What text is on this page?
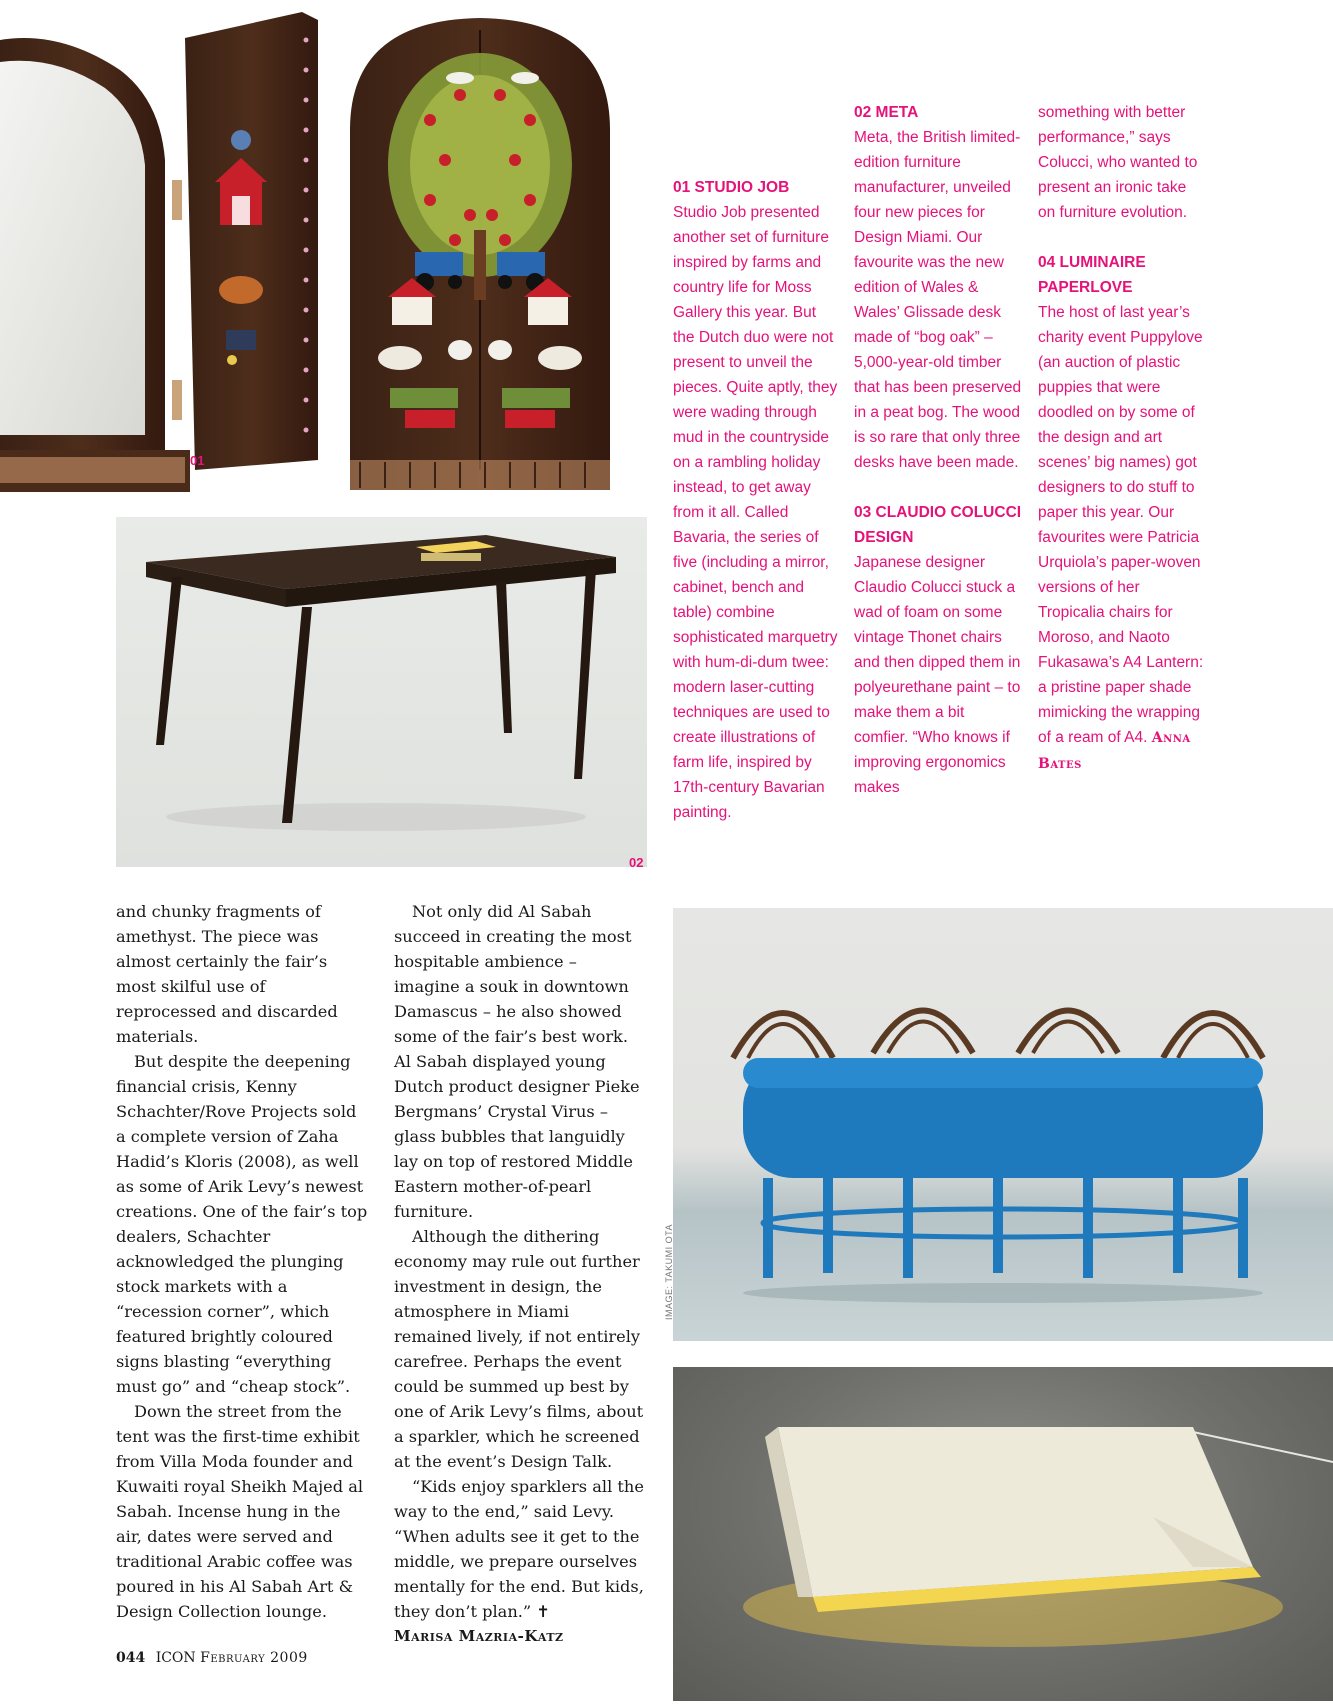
01
02
01 STUDIO JOB

Studio Job presented another set of furniture inspired by farms and country life for Moss Gallery this year. But the Dutch duo were not present to unveil the pieces. Quite aptly, they were wading through mud in the countryside on a rambling holiday instead, to get away from it all. Called Bavaria, the series of five (including a mirror, cabinet, bench and table) combine sophisticated marquetry with hum-di-dum twee: modern laser-cutting techniques are used to create illustrations of farm life, inspired by 17th-century Bavarian painting.

02 META

Meta, the British limited-edition furniture manufacturer, unveiled four new pieces for Design Miami. Our favourite was the new edition of Wales & Wales’ Glissade desk made of “bog oak” – 5,000-year-old timber that has been preserved in a peat bog. The wood is so rare that only three desks have been made.

03 CLAUDIO COLUCCI DESIGN

Japanese designer Claudio Colucci stuck a wad of foam on some vintage Thonet chairs and then dipped them in polyeurethane paint – to make them a bit comfier. “Who knows if improving ergonomics makes

something with better performance,” says Colucci, who wanted to present an ironic take on furniture evolution.

04 LUMINAIRE PAPERLOVE

The host of last year’s charity event Puppylove (an auction of plastic puppies that were doodled on by some of the design and art scenes’ big names) got designers to do stuff to paper this year. Our favourites were Patricia Urquiola’s paper-woven versions of her Tropicalia chairs for Moroso, and Naoto Fukasawa’s A4 Lantern: a pristine paper shade mimicking the wrapping of a ream of A4. Anna Bates

and chunky fragments of amethyst. The piece was almost certainly the fair’s most skilful use of reprocessed and discarded materials.

But despite the deepening financial crisis, Kenny Schachter/Rove Projects sold a complete version of Zaha Hadid’s Kloris (2008), as well as some of Arik Levy’s newest creations. One of the fair’s top dealers, Schachter acknowledged the plunging stock markets with a “recession corner”, which featured brightly coloured signs blasting “everything must go” and “cheap stock”.

Down the street from the tent was the first-time exhibit from Villa Moda founder and Kuwaiti royal Sheikh Majed al Sabah. Incense hung in the air, dates were served and traditional Arabic coffee was poured in his Al Sabah Art & Design Collection lounge.

Not only did Al Sabah succeed in creating the most hospitable ambience – imagine a souk in downtown Damascus – he also showed some of the fair’s best work. Al Sabah displayed young Dutch product designer Pieke Bergmans’ Crystal Virus – glass bubbles that languidly lay on top of restored Middle Eastern mother-of-pearl furniture.

Although the dithering economy may rule out further investment in design, the atmosphere in Miami remained lively, if not entirely carefree. Perhaps the event could be summed up best by one of Arik Levy’s films, about a sparkler, which he screened at the event’s Design Talk.

“Kids enjoy sparklers all the way to the end,” said Levy. “When adults see it get to the middle, we prepare ourselves mentally for the end. But kids, they don’t plan.” ✝

Marisa Mazria-Katz

IMAGE: TAKUMI OTA
044 ICON February 2009
